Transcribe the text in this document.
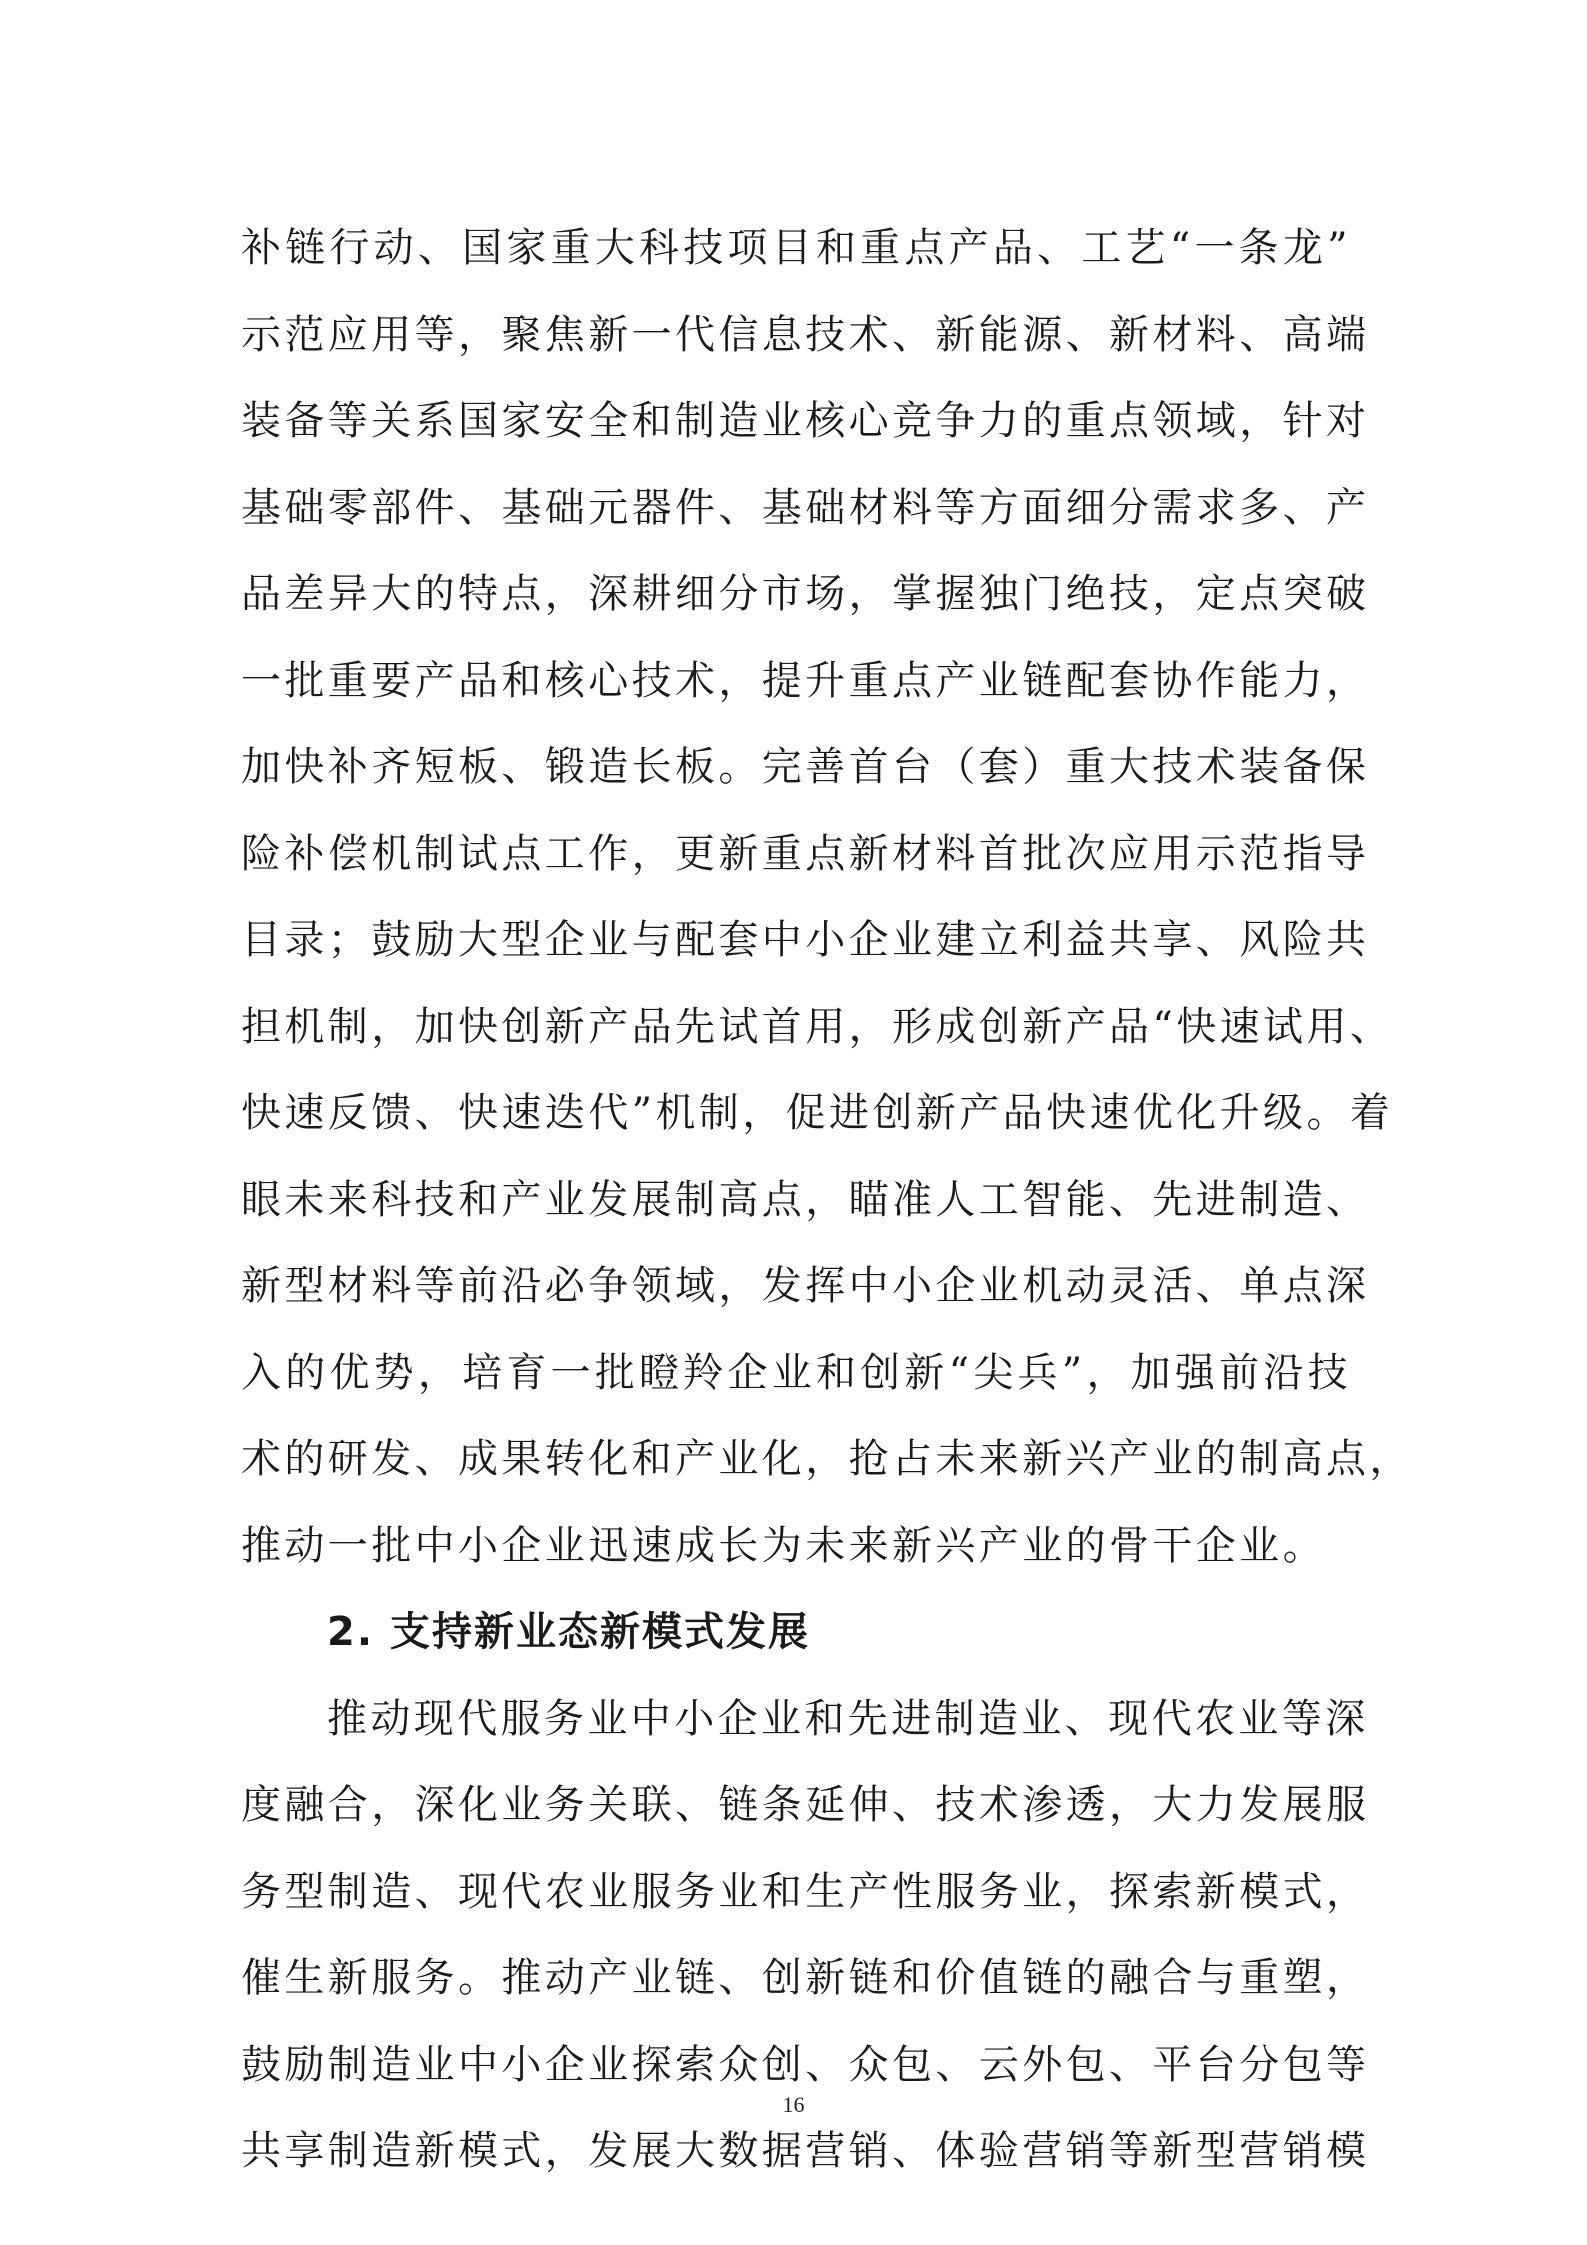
补链行动、国家重大科技项目和重点产品、工艺“一条龙”
示范应用等，聚焦新一代信息技术、新能源、新材料、高端
装备等关系国家安全和制造业核心竞争力的重点领域，针对
基础零部件、基础元器件、基础材料等方面细分需求多、产
品差异大的特点，深耕细分市场，掌握独门绝技，定点突破
一批重要产品和核心技术，提升重点产业链配套协作能力，
加快补齐短板、锻造长板。完善首台（套）重大技术装备保
险补偿机制试点工作，更新重点新材料首批次应用示范指导
目录；鼓励大型企业与配套中小企业建立利益共享、风险共
担机制，加快创新产品先试首用，形成创新产品“快速试用、
快速反馈、快速迭代”机制，促进创新产品快速优化升级。着
眼未来科技和产业发展制高点，瞄准人工智能、先进制造、
新型材料等前沿必争领域，发挥中小企业机动灵活、单点深
入的优势，培育一批瞪羚企业和创新“尖兵”，加强前沿技
术的研发、成果转化和产业化，抢占未来新兴产业的制高点，
推动一批中小企业迅速成长为未来新兴产业的骨干企业。
2. 支持新业态新模式发展
推动现代服务业中小企业和先进制造业、现代农业等深
度融合，深化业务关联、链条延伸、技术渗透，大力发展服
务型制造、现代农业服务业和生产性服务业，探索新模式，
催生新服务。推动产业链、创新链和价值链的融合与重塑，
鼓励制造业中小企业探索众创、众包、云外包、平台分包等
共享制造新模式，发展大数据营销、体验营销等新型营销模
16
